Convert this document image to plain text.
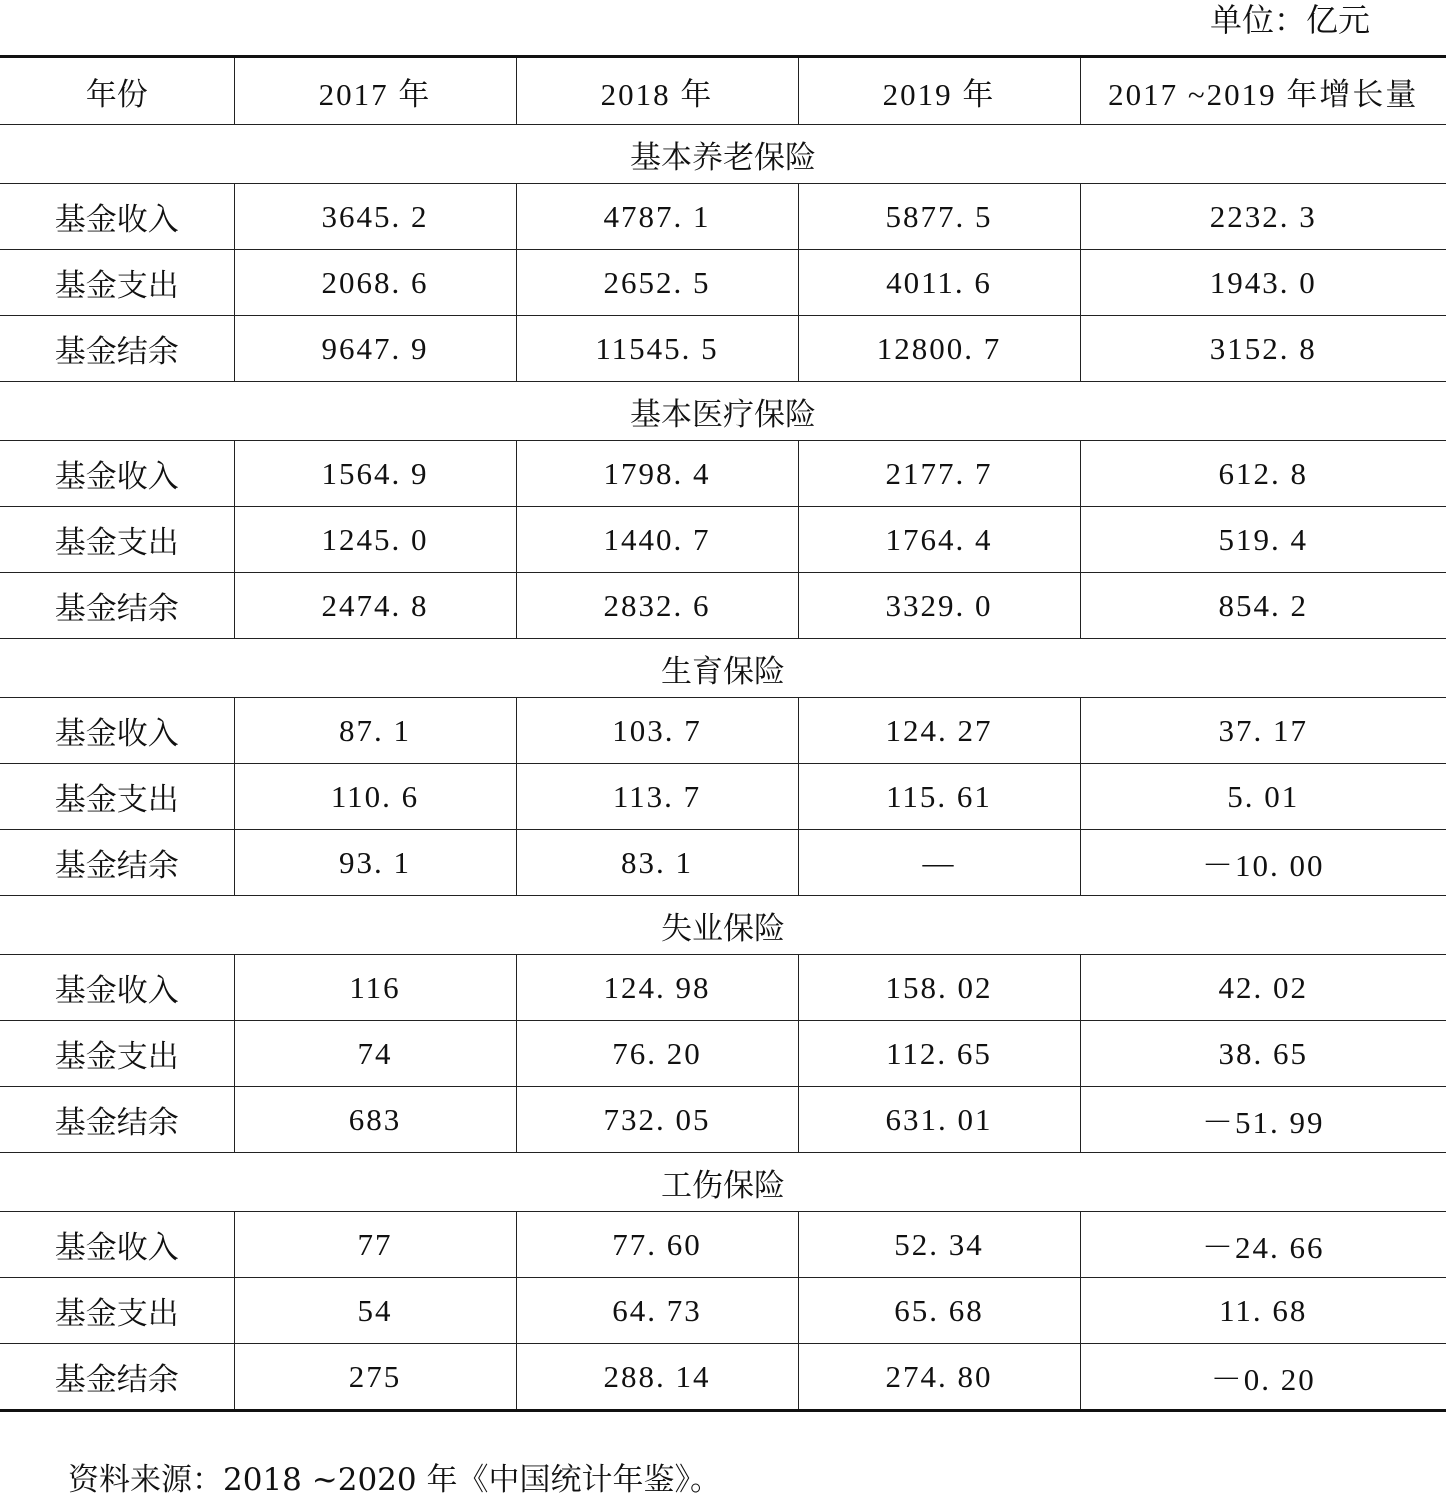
单位：亿元
年份	2017 年	2018 年	2019 年	2017 ~2019 年增长量
基本养老保险				
基金收入	3645. 2	4787. 1	5877. 5	2232. 3
基金支出	2068. 6	2652. 5	4011. 6	1943. 0
基金结余	9647. 9	11545. 5	12800. 7	3152. 8
基本医疗保险				
基金收入	1564. 9	1798. 4	2177. 7	612. 8
基金支出	1245. 0	1440. 7	1764. 4	519. 4
基金结余	2474. 8	2832. 6	3329. 0	854. 2
生育保险				
基金收入	87. 1	103. 7	124. 27	37. 17
基金支出	110. 6	113. 7	115. 61	5. 01
基金结余	93. 1	83. 1	—	－10. 00
失业保险				
基金收入	116	124. 98	158. 02	42. 02
基金支出	74	76. 20	112. 65	38. 65
基金结余	683	732. 05	631. 01	－51. 99
工伤保险				
基金收入	77	77. 60	52. 34	－24. 66
基金支出	54	64. 73	65. 68	11. 68
基金结余	275	288. 14	274. 80	－0. 20
资料来源：2018 ~2020 年《中国统计年鉴》。
